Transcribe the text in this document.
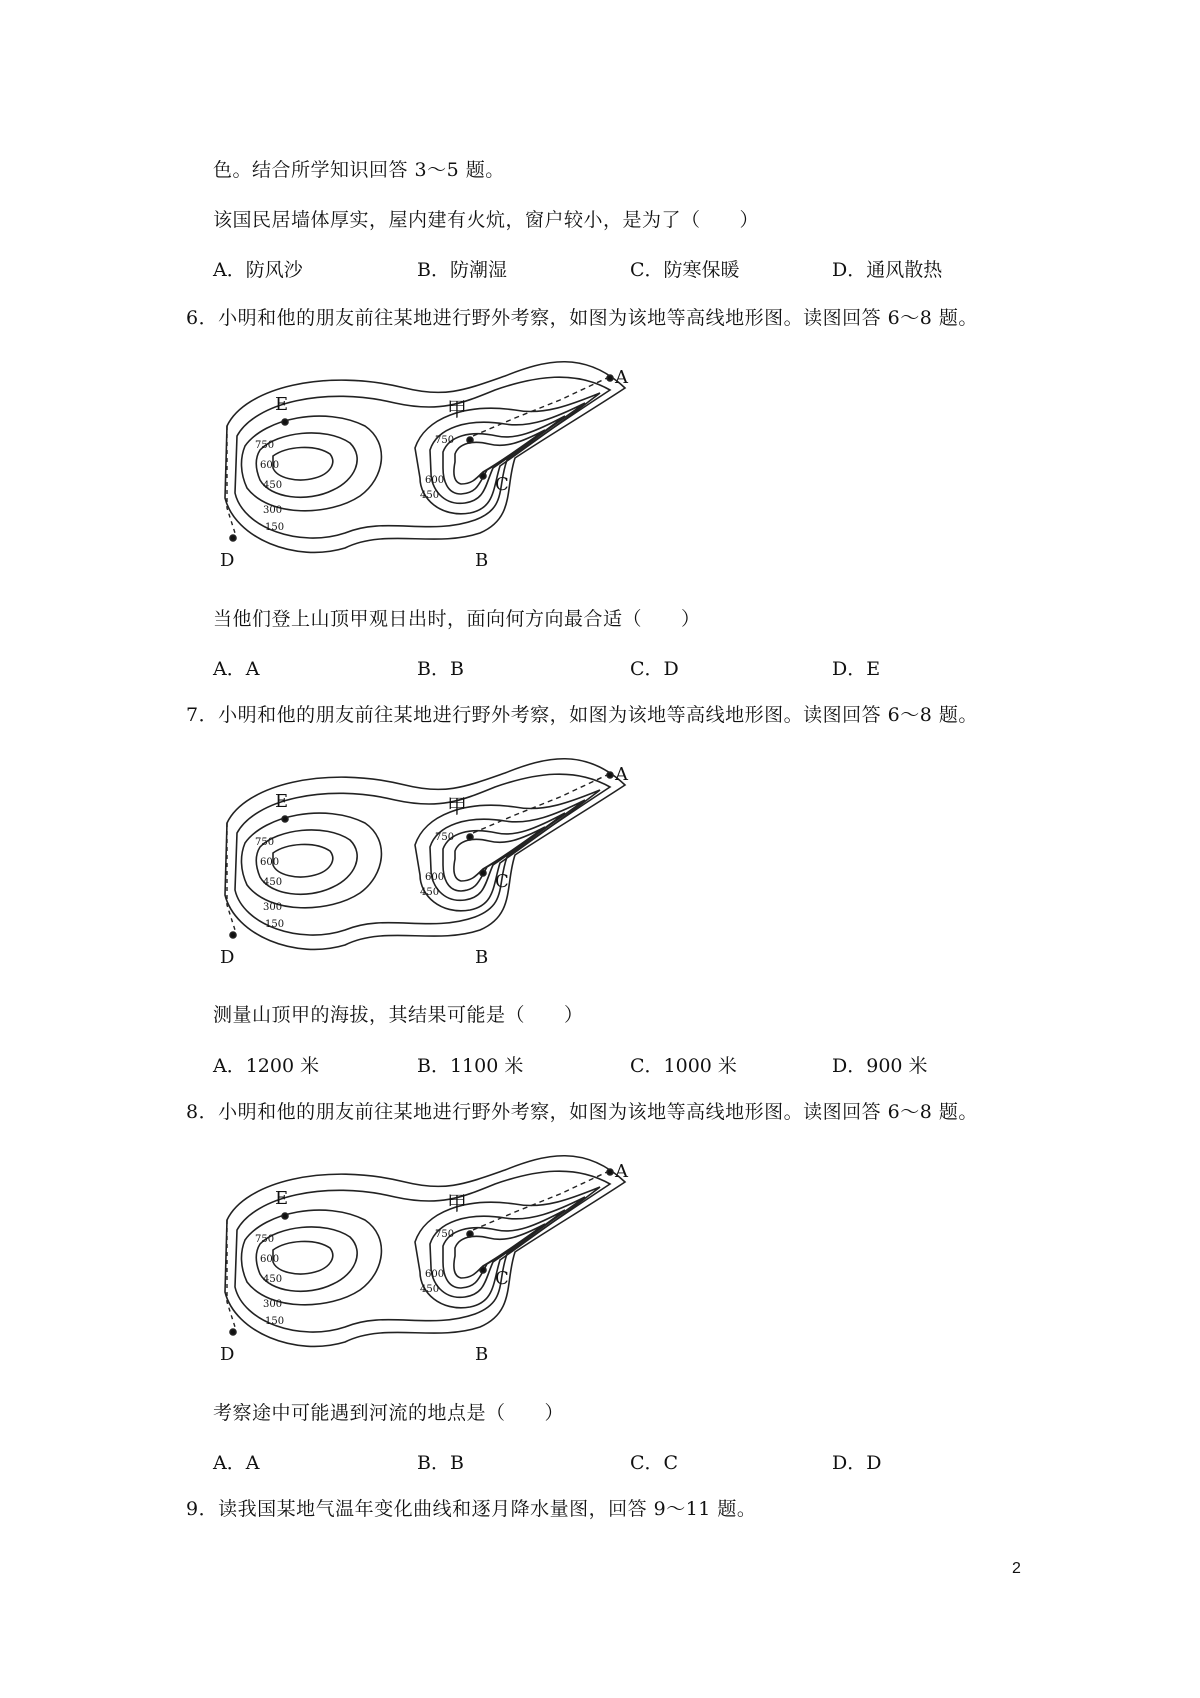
色。结合所学知识回答 3～5 题。
该国民居墙体厚实，屋内建有火炕，窗户较小，是为了（　　）
A．防风沙	B．防潮湿	C．防寒保暖	D．通风散热
6．小明和他的朋友前往某地进行野外考察，如图为该地等高线地形图。读图回答 6～8 题。
当他们登上山顶甲观日出时，面向何方向最合适（　　）
A．A	B．B	C．D	D．E
7．小明和他的朋友前往某地进行野外考察，如图为该地等高线地形图。读图回答 6～8 题。
测量山顶甲的海拔，其结果可能是（　　）
A．1200 米	B．1100 米	C．1000 米	D．900 米
8．小明和他的朋友前往某地进行野外考察，如图为该地等高线地形图。读图回答 6～8 题。
考察途中可能遇到河流的地点是（　　）
A．A	B．B	C．C	D．D
9．读我国某地气温年变化曲线和逐月降水量图，回答 9～11 题。
2
